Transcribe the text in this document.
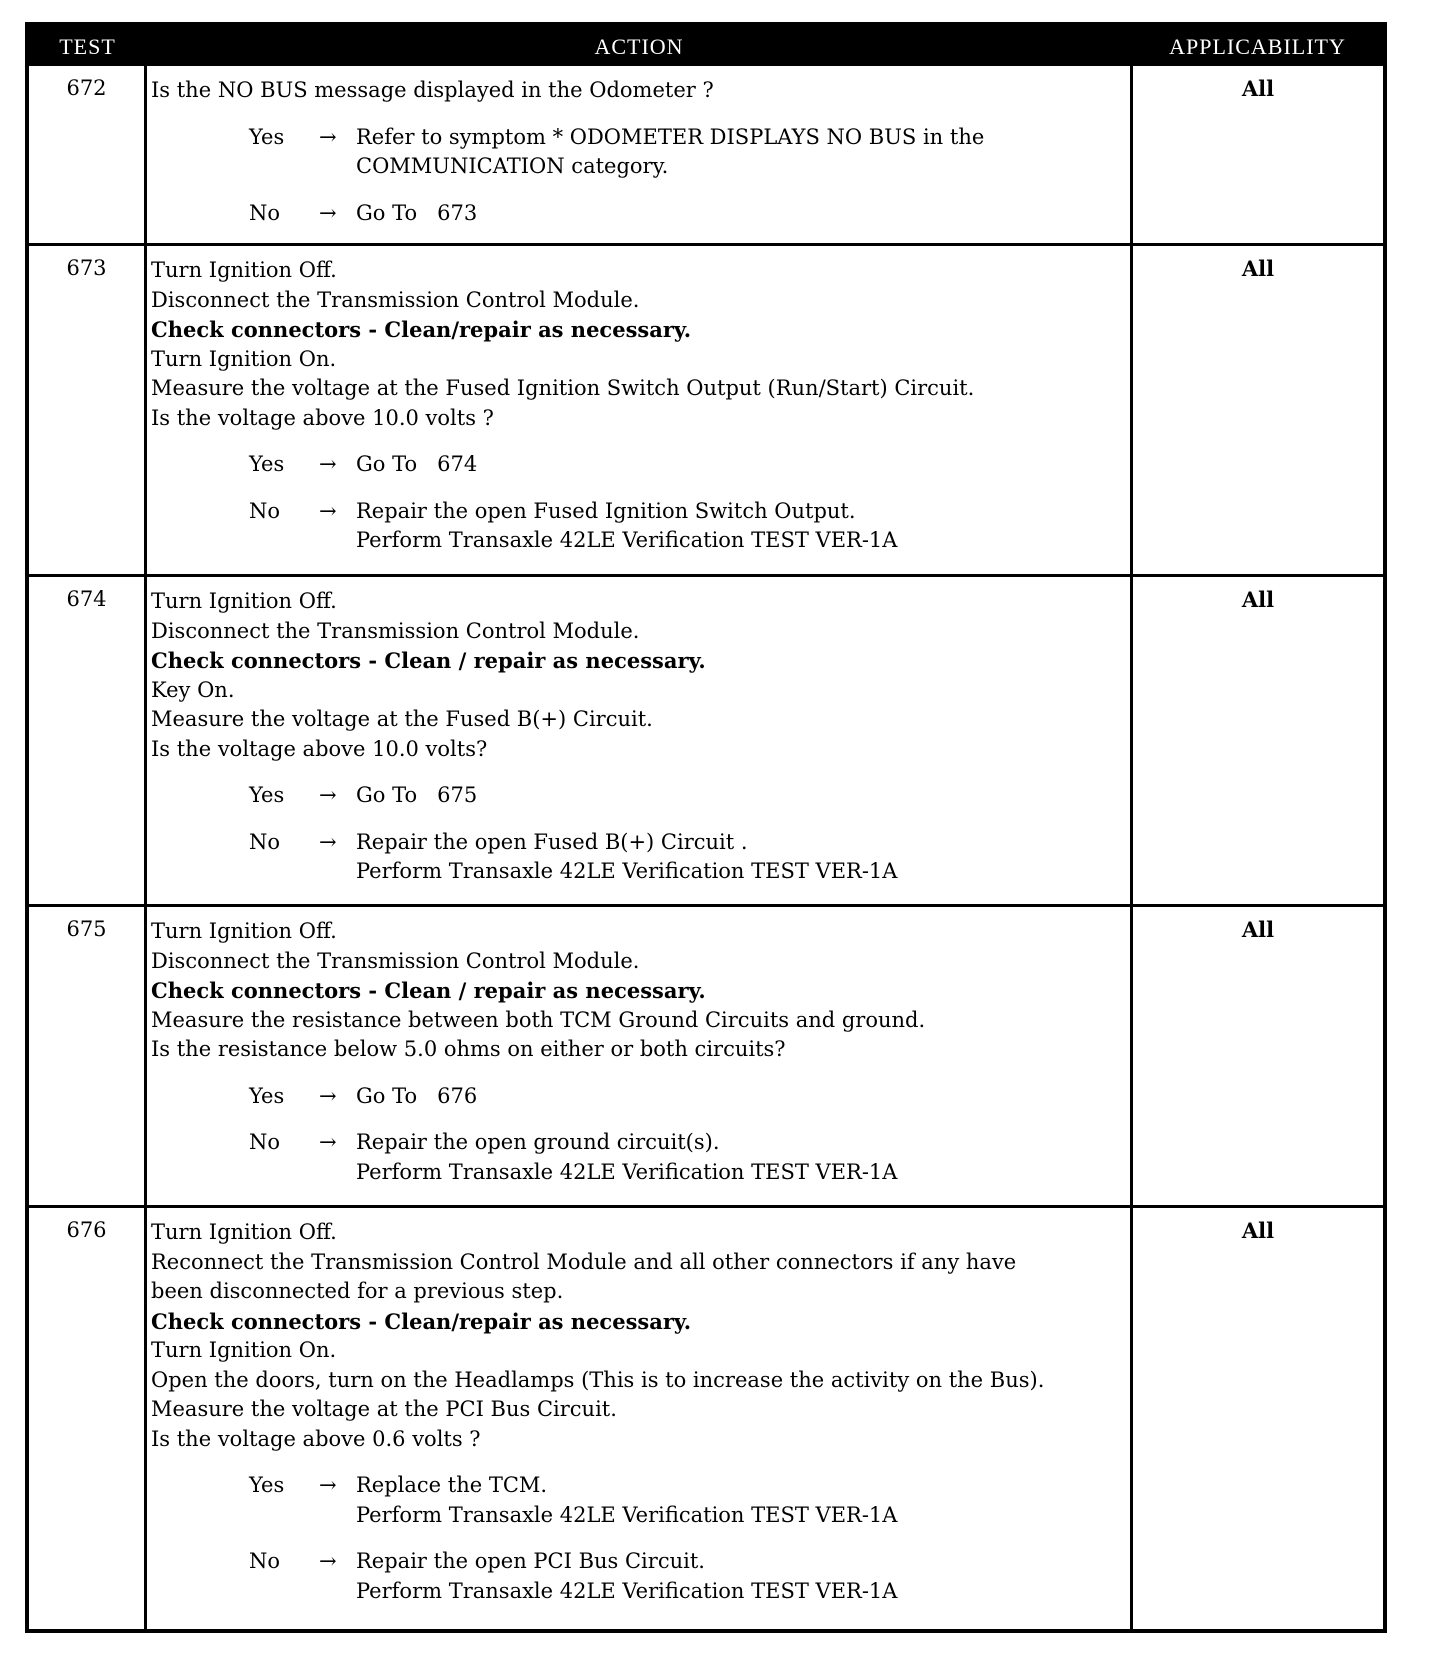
TEST	ACTION	APPLICABILITY
672	Is the NO BUS message displayed in the Odometer ?
Yes → Refer to symptom * ODOMETER DISPLAYS NO BUS in the
COMMUNICATION category.
No → Go To   673
All
673	Turn Ignition Off.
Disconnect the Transmission Control Module.
Check connectors - Clean/repair as necessary.
Turn Ignition On.
Measure the voltage at the Fused Ignition Switch Output (Run/Start) Circuit.
Is the voltage above 10.0 volts ?
Yes → Go To   674
No → Repair the open Fused Ignition Switch Output.
Perform Transaxle 42LE Verification TEST VER-1A
All
674	Turn Ignition Off.
Disconnect the Transmission Control Module.
Check connectors - Clean / repair as necessary.
Key On.
Measure the voltage at the Fused B(+) Circuit.
Is the voltage above 10.0 volts?
Yes → Go To   675
No → Repair the open Fused B(+) Circuit .
Perform Transaxle 42LE Verification TEST VER-1A
All
675	Turn Ignition Off.
Disconnect the Transmission Control Module.
Check connectors - Clean / repair as necessary.
Measure the resistance between both TCM Ground Circuits and ground.
Is the resistance below 5.0 ohms on either or both circuits?
Yes → Go To   676
No → Repair the open ground circuit(s).
Perform Transaxle 42LE Verification TEST VER-1A
All
676	Turn Ignition Off.
Reconnect the Transmission Control Module and all other connectors if any have
been disconnected for a previous step.
Check connectors - Clean/repair as necessary.
Turn Ignition On.
Open the doors, turn on the Headlamps (This is to increase the activity on the Bus).
Measure the voltage at the PCI Bus Circuit.
Is the voltage above 0.6 volts ?
Yes → Replace the TCM.
Perform Transaxle 42LE Verification TEST VER-1A
No → Repair the open PCI Bus Circuit.
Perform Transaxle 42LE Verification TEST VER-1A
All
